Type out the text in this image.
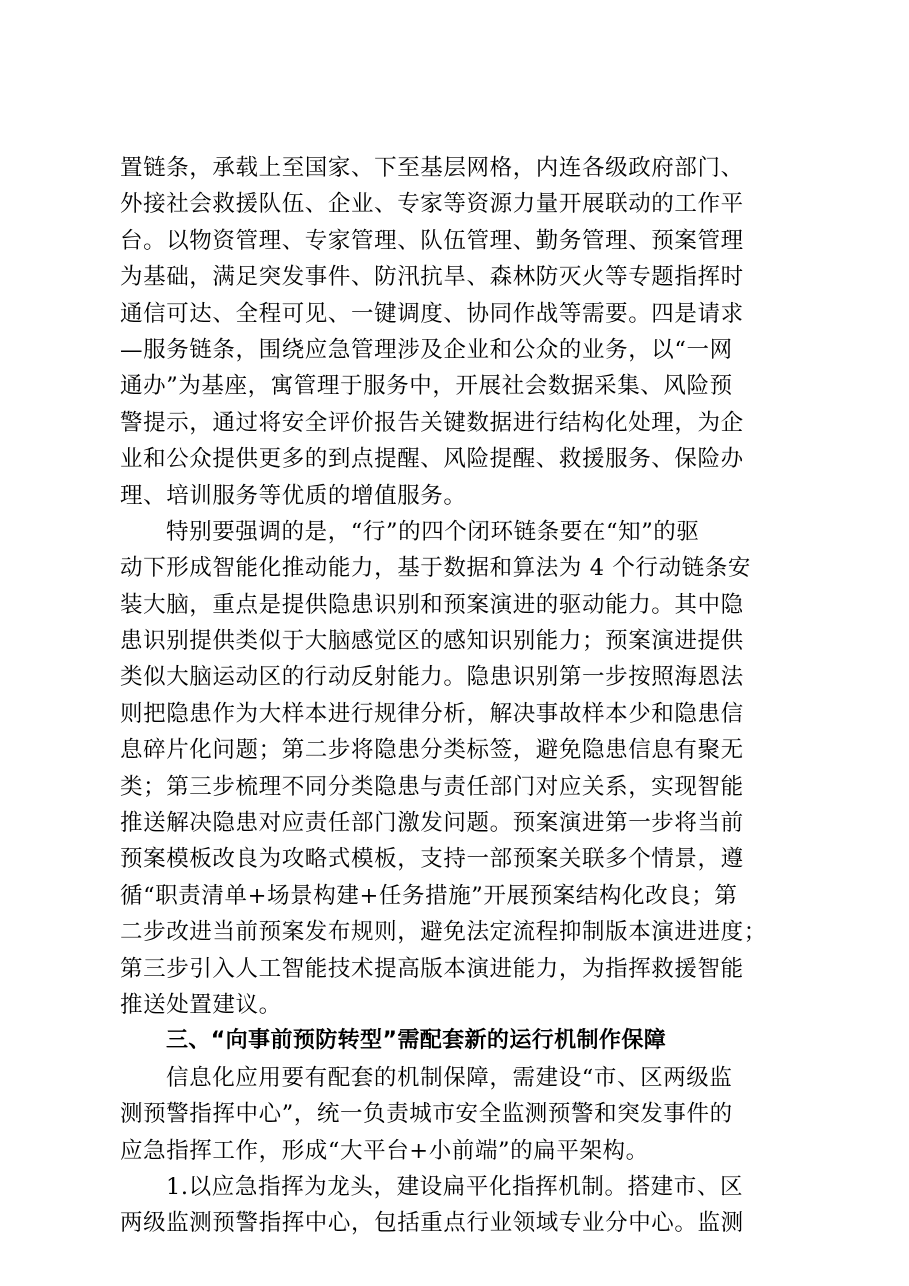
置链条，承载上至国家、下至基层网格，内连各级政府部门、
外接社会救援队伍、企业、专家等资源力量开展联动的工作平
台。以物资管理、专家管理、队伍管理、勤务管理、预案管理
为基础，满足突发事件、防汛抗旱、森林防灭火等专题指挥时
通信可达、全程可见、一键调度、协同作战等需要。四是请求
—服务链条，围绕应急管理涉及企业和公众的业务，以“一网
通办”为基座，寓管理于服务中，开展社会数据采集、风险预
警提示，通过将安全评价报告关键数据进行结构化处理，为企
业和公众提供更多的到点提醒、风险提醒、救援服务、保险办
理、培训服务等优质的增值服务。
特别要强调的是，“行”的四个闭环链条要在“知”的驱
动下形成智能化推动能力，基于数据和算法为 4 个行动链条安
装大脑，重点是提供隐患识别和预案演进的驱动能力。其中隐
患识别提供类似于大脑感觉区的感知识别能力；预案演进提供
类似大脑运动区的行动反射能力。隐患识别第一步按照海恩法
则把隐患作为大样本进行规律分析，解决事故样本少和隐患信
息碎片化问题；第二步将隐患分类标签，避免隐患信息有聚无
类；第三步梳理不同分类隐患与责任部门对应关系，实现智能
推送解决隐患对应责任部门激发问题。预案演进第一步将当前
预案模板改良为攻略式模板，支持一部预案关联多个情景，遵
循“职责清单+场景构建+任务措施”开展预案结构化改良；第
二步改进当前预案发布规则，避免法定流程抑制版本演进进度；
第三步引入人工智能技术提高版本演进能力，为指挥救援智能
推送处置建议。
三、“向事前预防转型”需配套新的运行机制作保障
信息化应用要有配套的机制保障，需建设“市、区两级监
测预警指挥中心”，统一负责城市安全监测预警和突发事件的
应急指挥工作，形成“大平台+小前端”的扁平架构。
1.以应急指挥为龙头，建设扁平化指挥机制。搭建市、区
两级监测预警指挥中心，包括重点行业领域专业分中心。监测
